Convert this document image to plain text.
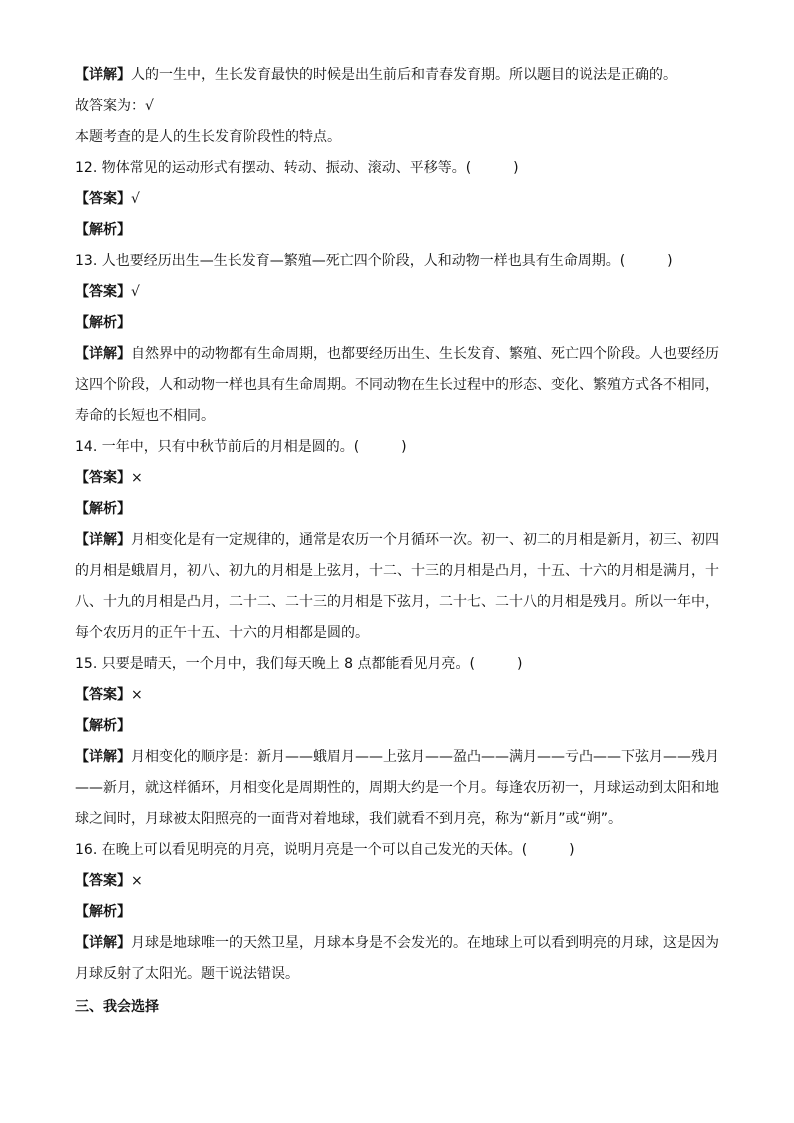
【详解】人的一生中，生长发育最快的时候是出生前后和青春发育期。所以题目的说法是正确的。
故答案为：√
本题考查的是人的生长发育阶段性的特点。
12. 物体常见的运动形式有摆动、转动、振动、滚动、平移等。(　　　)
【答案】√
【解析】
13. 人也要经历出生—生长发育—繁殖—死亡四个阶段，人和动物一样也具有生命周期。(　　　)
【答案】√
【解析】
【详解】自然界中的动物都有生命周期，也都要经历出生、生长发育、繁殖、死亡四个阶段。人也要经历
这四个阶段，人和动物一样也具有生命周期。不同动物在生长过程中的形态、变化、繁殖方式各不相同，
寿命的长短也不相同。
14. 一年中，只有中秋节前后的月相是圆的。(　　　)
【答案】×
【解析】
【详解】月相变化是有一定规律的，通常是农历一个月循环一次。初一、初二的月相是新月，初三、初四
的月相是蛾眉月，初八、初九的月相是上弦月，十二、十三的月相是凸月，十五、十六的月相是满月，十
八、十九的月相是凸月，二十二、二十三的月相是下弦月，二十七、二十八的月相是残月。所以一年中，
每个农历月的正午十五、十六的月相都是圆的。
15. 只要是晴天，一个月中，我们每天晚上 8 点都能看见月亮。(　　　)
【答案】×
【解析】
【详解】月相变化的顺序是：新月——蛾眉月——上弦月——盈凸——满月——亏凸——下弦月——残月
——新月，就这样循环，月相变化是周期性的，周期大约是一个月。每逢农历初一，月球运动到太阳和地
球之间时，月球被太阳照亮的一面背对着地球，我们就看不到月亮，称为“新月”或“朔”。
16. 在晚上可以看见明亮的月亮，说明月亮是一个可以自己发光的天体。(　　　)
【答案】×
【解析】
【详解】月球是地球唯一的天然卫星，月球本身是不会发光的。在地球上可以看到明亮的月球，这是因为
月球反射了太阳光。题干说法错误。
三、我会选择
